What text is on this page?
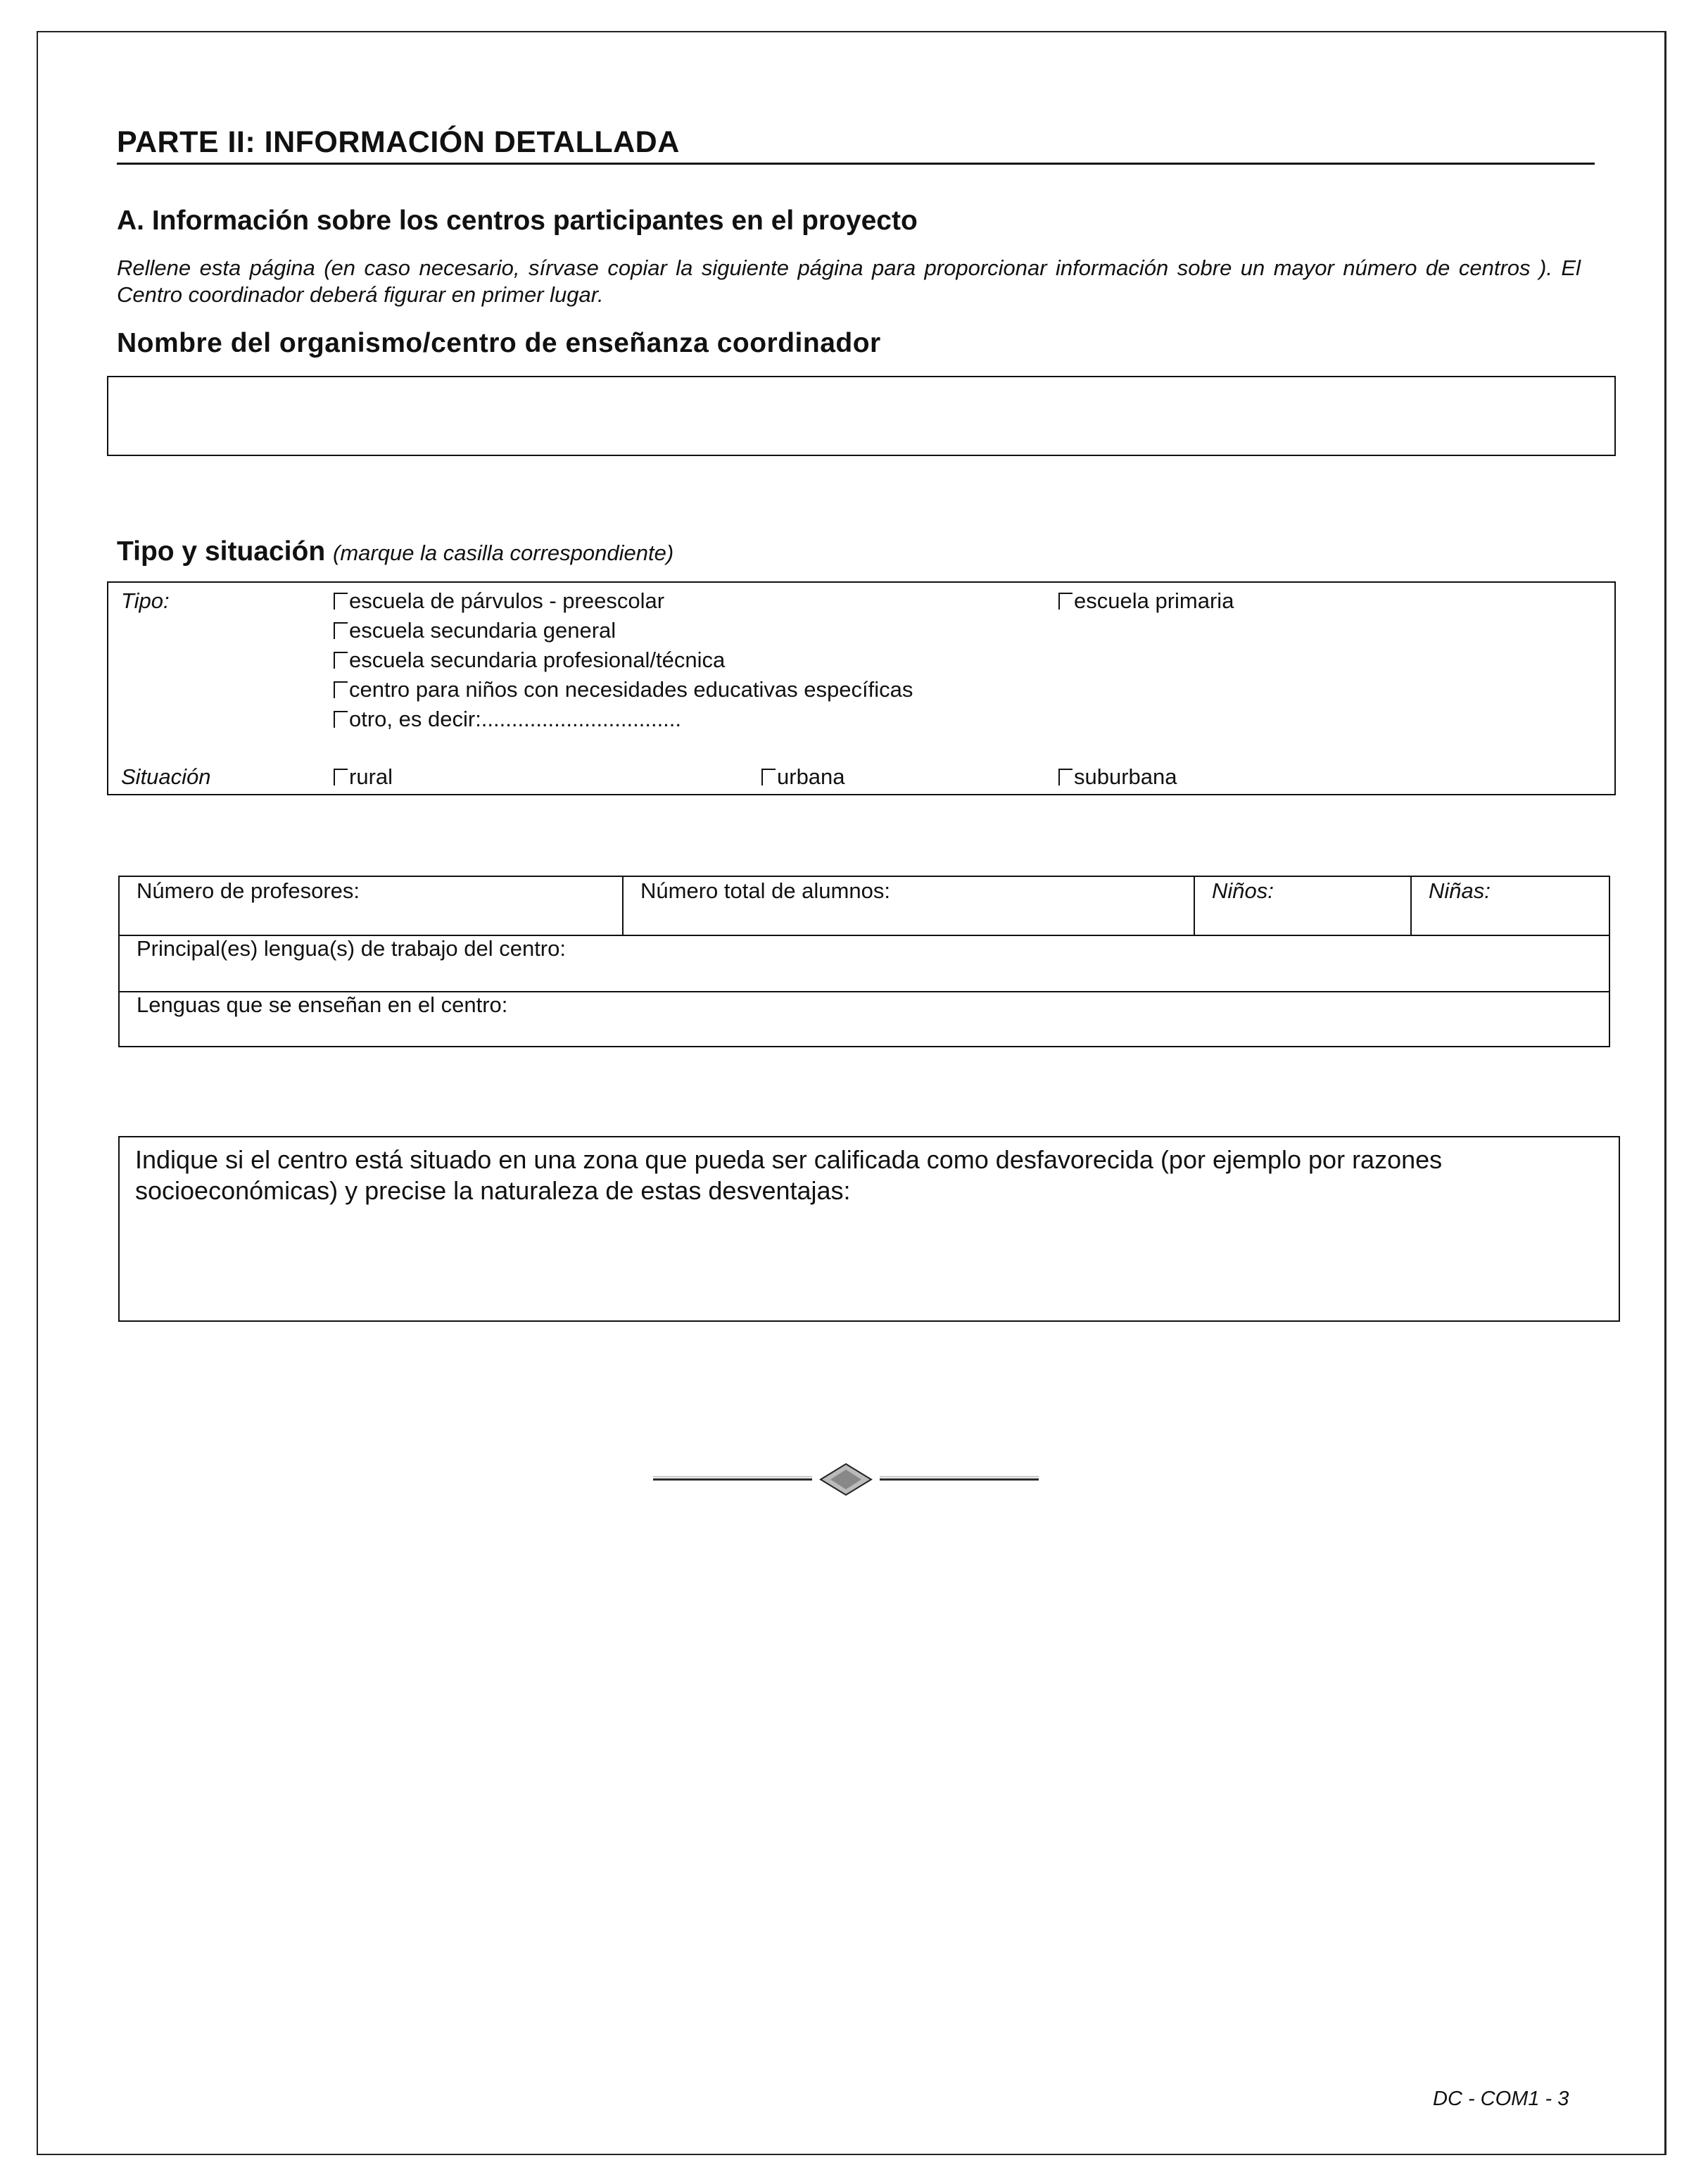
PARTE II: INFORMACIÓN DETALLADA
A. Información sobre los centros participantes en el proyecto
Rellene esta página (en caso necesario, sírvase copiar la siguiente página para proporcionar información sobre un mayor número de centros ). El Centro coordinador deberá figurar en primer lugar.
Nombre del organismo/centro de enseñanza coordinador
Tipo y situación (marque la casilla correspondiente)
Tipo:	escuela de párvulos - preescolar	escuela primaria
escuela secundaria general
escuela secundaria profesional/técnica
centro para niños con necesidades educativas específicas
otro, es decir:.................................
Situación	rural	urbana	suburbana
Número de profesores:	Número total de alumnos:	Niños:	Niñas:
Principal(es) lengua(s) de trabajo del centro:
Lenguas que se enseñan en el centro:
Indique si el centro está situado en una zona que pueda ser calificada como desfavorecida (por ejemplo por razones socioeconómicas) y precise la naturaleza de estas desventajas:
DC - COM1 - 3
